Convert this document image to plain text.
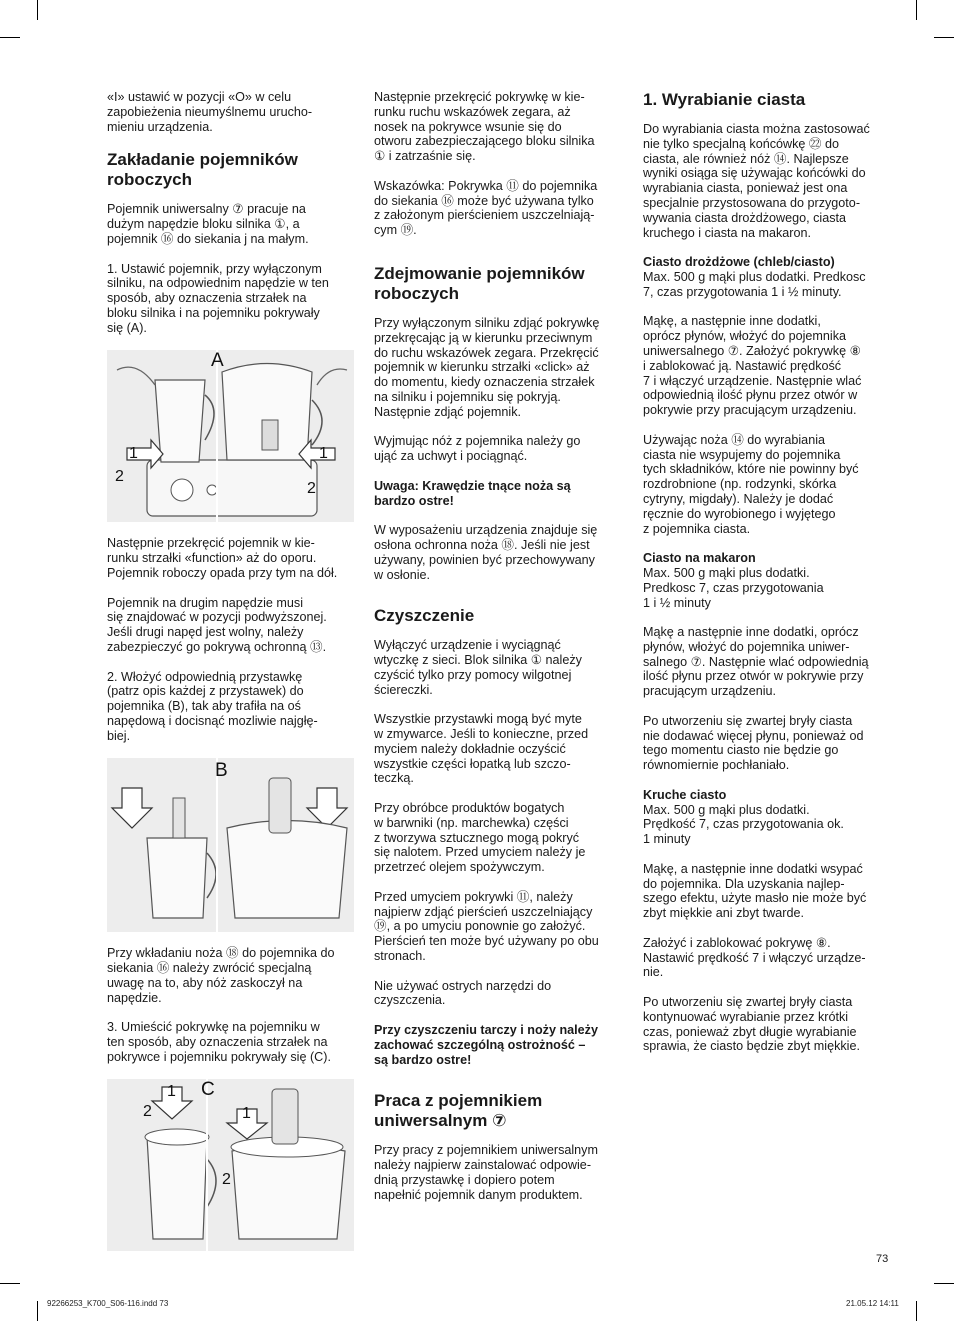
«I» ustawić w pozycji «O» w celu
zapobieżenia nieumyślnemu urucho-
mieniu urządzenia.

Zakładanie pojemników
roboczych

Pojemnik uniwersalny ⑦ pracuje na
dużym napędzie bloku silnika ①, a
pojemnik ⑯ do siekania j na małym.

1. Ustawić pojemnik, przy wyłączonym
silniku, na odpowiednim napędzie w ten
sposób, aby oznaczenia strzałek na
bloku silnika i na pojemniku pokrywały
się (A).

A
1
2
1
2

Następnie przekręcić pojemnik w kie-
runku strzałki «function» aż do oporu.
Pojemnik roboczy opada przy tym na dół.

Pojemnik na drugim napędzie musi
się znajdować w pozycji podwyższonej.
Jeśli drugi napęd jest wolny, należy
zabezpieczyć go pokrywą ochronną ⑬.

2. Włożyć odpowiednią przystawkę
(patrz opis każdej z przystawek) do
pojemnika (B), tak aby trafiła na oś
napędową i docisnąć mozliwie najgłę-
biej.

B

Przy wkładaniu noża ⑱ do pojemnika do
siekania ⑯ należy zwrócić specjalną
uwagę na to, aby nóż zaskoczył na
napędzie.

3. Umieścić pokrywkę na pojemniku w
ten sposób, aby oznaczenia strzałek na
pokrywce i pojemniku pokrywały się (C).

C
1
2	1
2

Następnie przekręcić pokrywkę w kie-
runku ruchu wskazówek zegara, aż
nosek na pokrywce wsunie się do
otworu zabezpieczającego bloku silnika
① i zatrzaśnie się.

Wskazówka: Pokrywka ⑪ do pojemnika
do siekania ⑯ może być używana tylko
z założonym pierścieniem uszczelniają-
cym ⑲.

Zdejmowanie pojemników
roboczych

Przy wyłączonym silniku zdjąć pokrywkę
przekręcając ją w kierunku przeciwnym
do ruchu wskazówek zegara. Przekręcić
pojemnik w kierunku strzałki «click» aż
do momentu, kiedy oznaczenia strzałek
na silniku i pojemniku się pokryją.
Następnie zdjąć pojemnik.

Wyjmując nóż z pojemnika należy go
ująć za uchwyt i pociągnąć.

Uwaga: Krawędzie tnące noża są
bardzo ostre!

W wyposażeniu urządzenia znajduje się
osłona ochronna noża ⑱. Jeśli nie jest
używany, powinien być przechowywany
w osłonie.

Czyszczenie

Wyłączyć urządzenie i wyciągnąć
wtyczkę z sieci. Blok silnika ① należy
czyścić tylko przy pomocy wilgotnej
ściereczki.

Wszystkie przystawki mogą być myte
w zmywarce. Jeśli to konieczne, przed
myciem należy dokładnie oczyścić
wszystkie części łopatką lub szczo-
teczką.

Przy obróbce produktów bogatych
w barwniki (np. marchewka) części
z tworzywa sztucznego mogą pokryć
się nalotem. Przed umyciem należy je
przetrzeć olejem spożywczym.

Przed umyciem pokrywki ⑪, należy
najpierw zdjąć pierścień uszczelniający
⑲, a po umyciu ponownie go założyć.
Pierścień ten może być używany po obu
stronach.

Nie używać ostrych narzędzi do
czyszczenia.

Przy czyszczeniu tarczy i noży należy
zachować szczególną ostrożność –
są bardzo ostre!

Praca z pojemnikiem
uniwersalnym ⑦

Przy pracy z pojemnikiem uniwersalnym
należy najpierw zainstalować odpowie-
dnią przystawkę i dopiero potem
napełnić pojemnik danym produktem.

1. Wyrabianie ciasta

Do wyrabiania ciasta można zastosować
nie tylko specjalną końcówkę ㉒ do
ciasta, ale również nóż ⑭. Najlepsze
wyniki osiąga się używając końcówki do
wyrabiania ciasta, ponieważ jest ona
specjalnie przystosowana do przygoto-
wywania ciasta drożdżowego, ciasta
kruchego i ciasta na makaron.

Ciasto drożdżowe (chleb/ciasto)

Max. 500 g mąki plus dodatki. Predkosc
7, czas przygotowania 1 i ½ minuty.

Mąkę, a następnie inne dodatki,
oprócz płynów, włożyć do pojemnika
uniwersalnego ⑦. Założyć pokrywkę ⑧
i zablokować ją. Nastawić prędkość
7 i włączyć urządzenie. Następnie wlać
odpowiednią ilość płynu przez otwór w
pokrywie przy pracującym urządzeniu.

Używając noża ⑭ do wyrabiania
ciasta nie wsypujemy do pojemnika
tych składników, które nie powinny być
rozdrobnione (np. rodzynki, skórka
cytryny, migdały). Należy je dodać
ręcznie do wyrobionego i wyjętego
z pojemnika ciasta.

Ciasto na makaron

Max. 500 g mąki plus dodatki.
Predkosc 7, czas przygotowania
1 i ½ minuty

Mąkę a następnie inne dodatki, oprócz
płynów, włożyć do pojemnika uniwer-
salnego ⑦. Następnie wlać odpowiednią
ilość płynu przez otwór w pokrywie przy
pracującym urządzeniu.

Po utworzeniu się zwartej bryły ciasta
nie dodawać więcej płynu, ponieważ od
tego momentu ciasto nie będzie go
równomiernie pochłaniało.

Kruche ciasto

Max. 500 g mąki plus dodatki.
Prędkość 7, czas przygotowania ok.
1 minuty

Mąkę, a następnie inne dodatki wsypać
do pojemnika. Dla uzyskania najlep-
szego efektu, użyte masło nie może być
zbyt miękkie ani zbyt twarde.

Założyć i zablokować pokrywę ⑧.
Nastawić prędkość 7 i włączyć urządze-
nie.

Po utworzeniu się zwartej bryły ciasta
kontynuować wyrabianie przez krótki
czas, ponieważ zbyt długie wyrabianie
sprawia, że ciasto będzie zbyt miękkie.

73
92266253_K700_S06-116.indd 73	21.05.12 14:11
